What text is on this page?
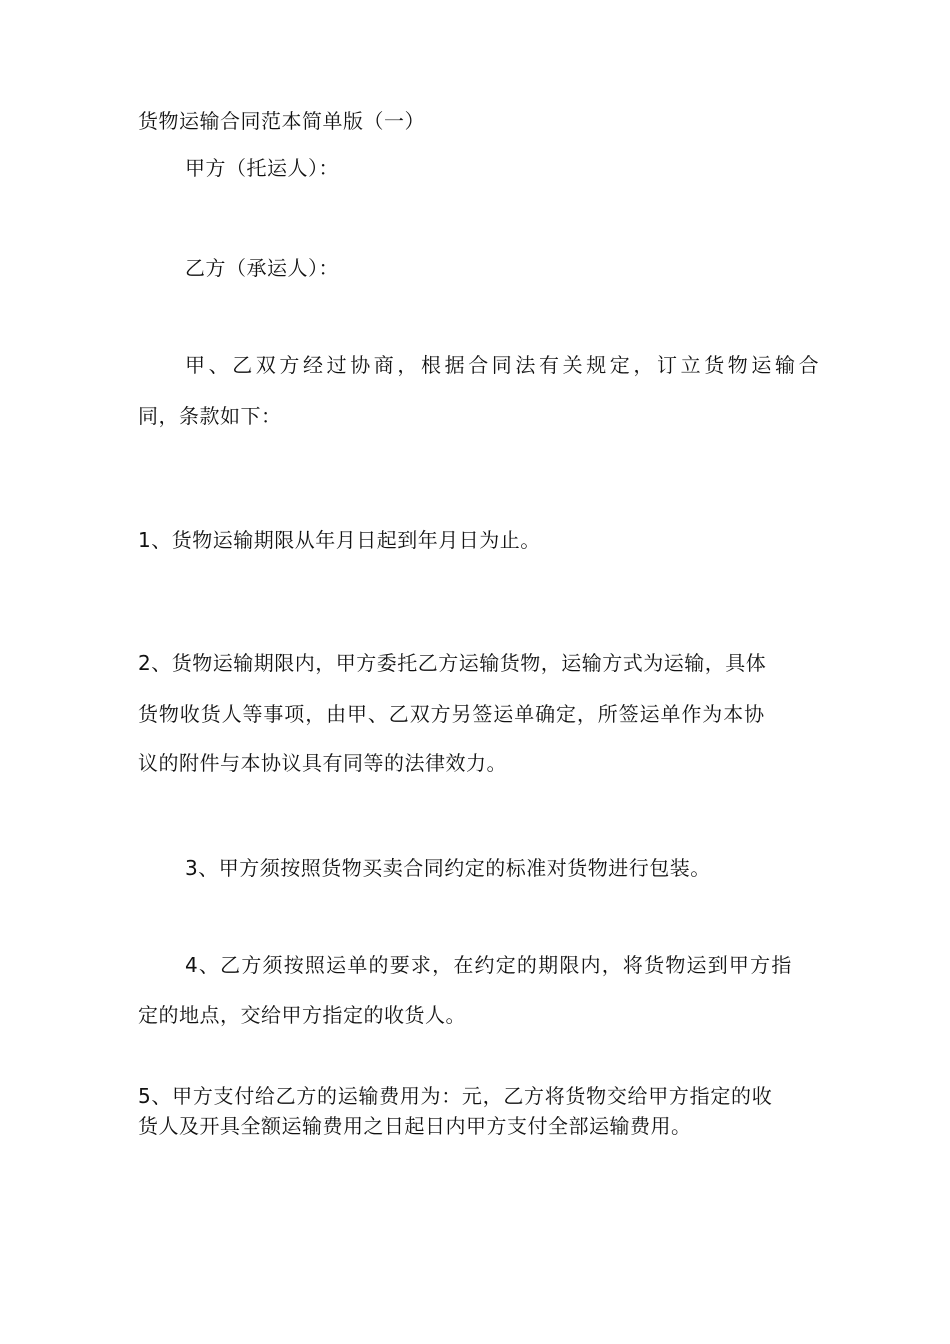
货物运输合同范本简单版（一）
甲方（托运人）：
乙方（承运人）：
甲、乙双方经过协商，根据合同法有关规定，订立货物运输合
同，条款如下：
1、货物运输期限从年月日起到年月日为止。
2、货物运输期限内，甲方委托乙方运输货物，运输方式为运输，具体
货物收货人等事项，由甲、乙双方另签运单确定，所签运单作为本协
议的附件与本协议具有同等的法律效力。
3、甲方须按照货物买卖合同约定的标准对货物进行包装。
4、乙方须按照运单的要求，在约定的期限内，将货物运到甲方指
定的地点，交给甲方指定的收货人。
5、甲方支付给乙方的运输费用为：元，乙方将货物交给甲方指定的收
货人及开具全额运输费用之日起日内甲方支付全部运输费用。
